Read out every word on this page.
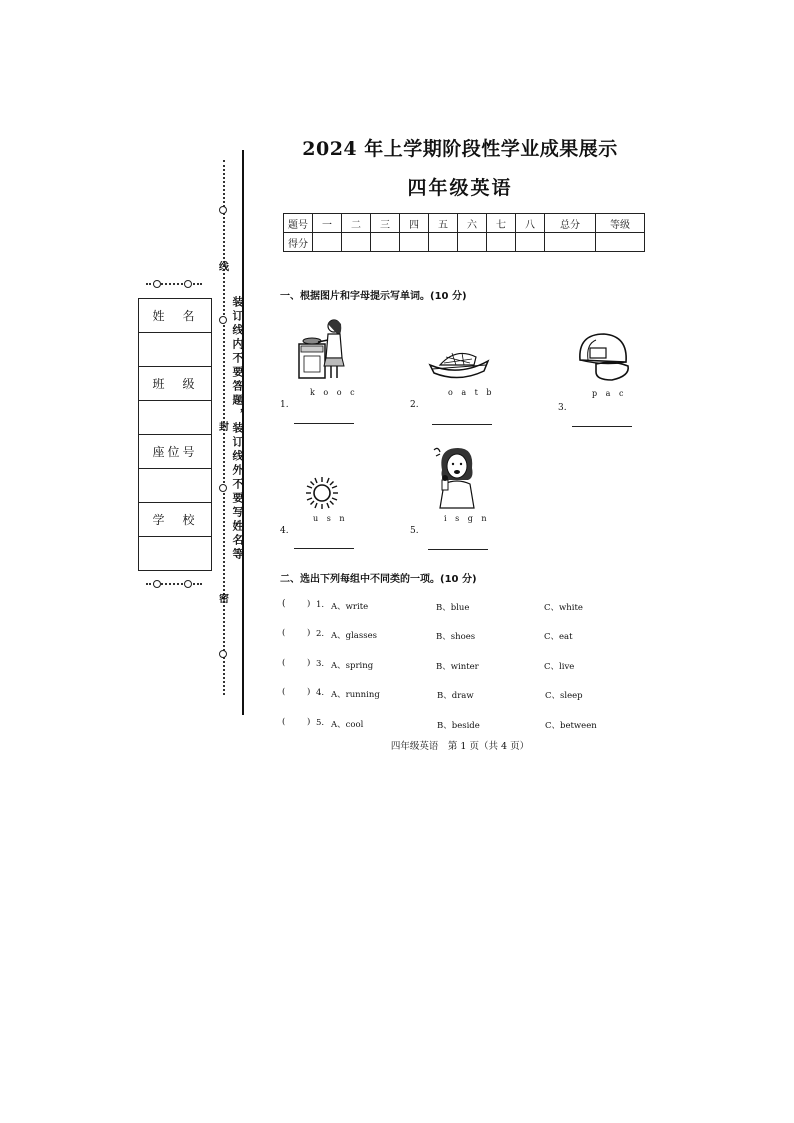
2024 年上学期阶段性学业成果展示
四年级英语
题号	一	二	三	四	五	六	七	八	总分	等级
得分										
线
封
密
装订线内不要答题，装订线外不要写姓名等
姓　名
班　级
座位号
学　校
一、根据图片和字母提示写单词。(10 分)
k o o c
1.
o a t b
2.
p a c
3.
u s n
4.
i s g n
5.
二、选出下列每组中不同类的一项。(10 分)
(	) 1. A、write	B、blue	C、white
(	) 2. A、glasses	B、shoes	C、eat
(	) 3. A、spring	B、winter	C、live
(	) 4. A、running	B、draw	C、sleep
(	) 5. A、cool	B、beside	C、between
四年级英语　第 1 页（共 4 页）
